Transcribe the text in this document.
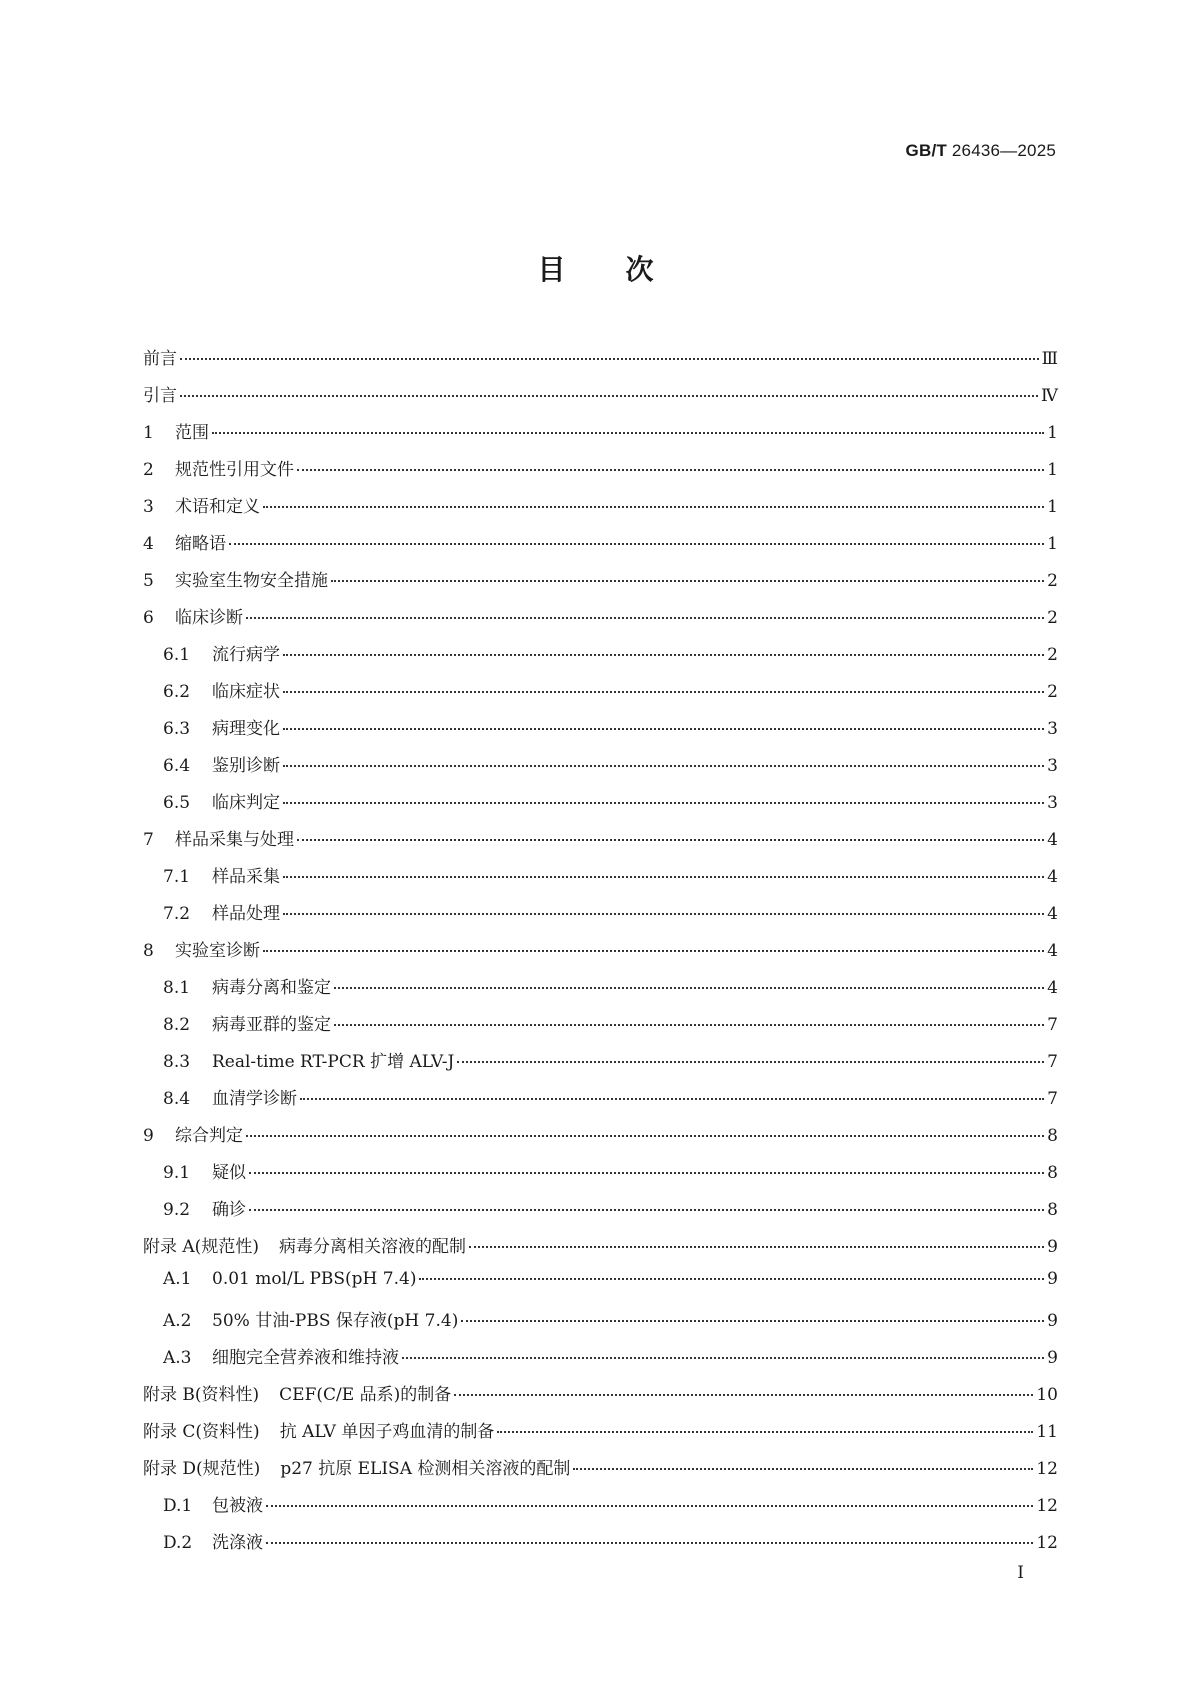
GB/T 26436—2025
目次
前言	Ⅲ
引言	Ⅳ
1	范围	1
2	规范性引用文件	1
3	术语和定义	1
4	缩略语	1
5	实验室生物安全措施	2
6	临床诊断	2
6.1	流行病学	2
6.2	临床症状	2
6.3	病理变化	3
6.4	鉴别诊断	3
6.5	临床判定	3
7	样品采集与处理	4
7.1	样品采集	4
7.2	样品处理	4
8	实验室诊断	4
8.1	病毒分离和鉴定	4
8.2	病毒亚群的鉴定	7
8.3	Real-time RT-PCR 扩增 ALV-J	7
8.4	血清学诊断	7
9	综合判定	8
9.1	疑似	8
9.2	确诊	8
附录 A(规范性) 病毒分离相关溶液的配制	9
A.1	0.01 mol/L PBS(pH 7.4)	9
A.2	50% 甘油-PBS 保存液(pH 7.4)	9
A.3	细胞完全营养液和维持液	9
附录 B(资料性) CEF(C/E 品系)的制备	10
附录 C(资料性) 抗 ALV 单因子鸡血清的制备	11
附录 D(规范性) p27 抗原 ELISA 检测相关溶液的配制	12
D.1	包被液	12
D.2	洗涤液	12
I
